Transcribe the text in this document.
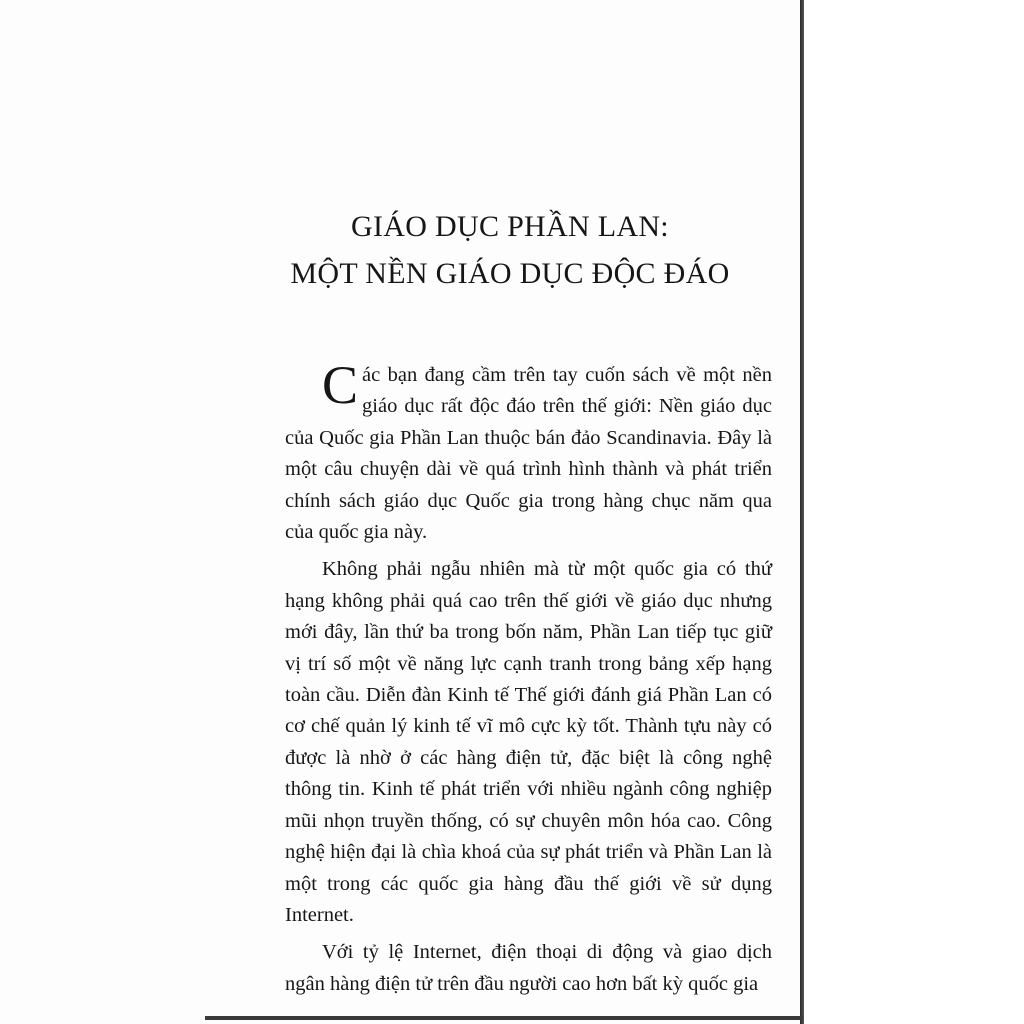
GIÁO DỤC PHẦN LAN:
MỘT NỀN GIÁO DỤC ĐỘC ĐÁO

Các bạn đang cầm trên tay cuốn sách về một nền giáo dục rất độc đáo trên thế giới: Nền giáo dục của Quốc gia Phần Lan thuộc bán đảo Scandinavia. Đây là một câu chuyện dài về quá trình hình thành và phát triển chính sách giáo dục Quốc gia trong hàng chục năm qua của quốc gia này.

Không phải ngẫu nhiên mà từ một quốc gia có thứ hạng không phải quá cao trên thế giới về giáo dục nhưng mới đây, lần thứ ba trong bốn năm, Phần Lan tiếp tục giữ vị trí số một về năng lực cạnh tranh trong bảng xếp hạng toàn cầu. Diễn đàn Kinh tế Thế giới đánh giá Phần Lan có cơ chế quản lý kinh tế vĩ mô cực kỳ tốt. Thành tựu này có được là nhờ ở các hàng điện tử, đặc biệt là công nghệ thông tin. Kinh tế phát triển với nhiều ngành công nghiệp mũi nhọn truyền thống, có sự chuyên môn hóa cao. Công nghệ hiện đại là chìa khoá của sự phát triển và Phần Lan là một trong các quốc gia hàng đầu thế giới về sử dụng Internet.

Với tỷ lệ Internet, điện thoại di động và giao dịch ngân hàng điện tử trên đầu người cao hơn bất kỳ quốc gia
